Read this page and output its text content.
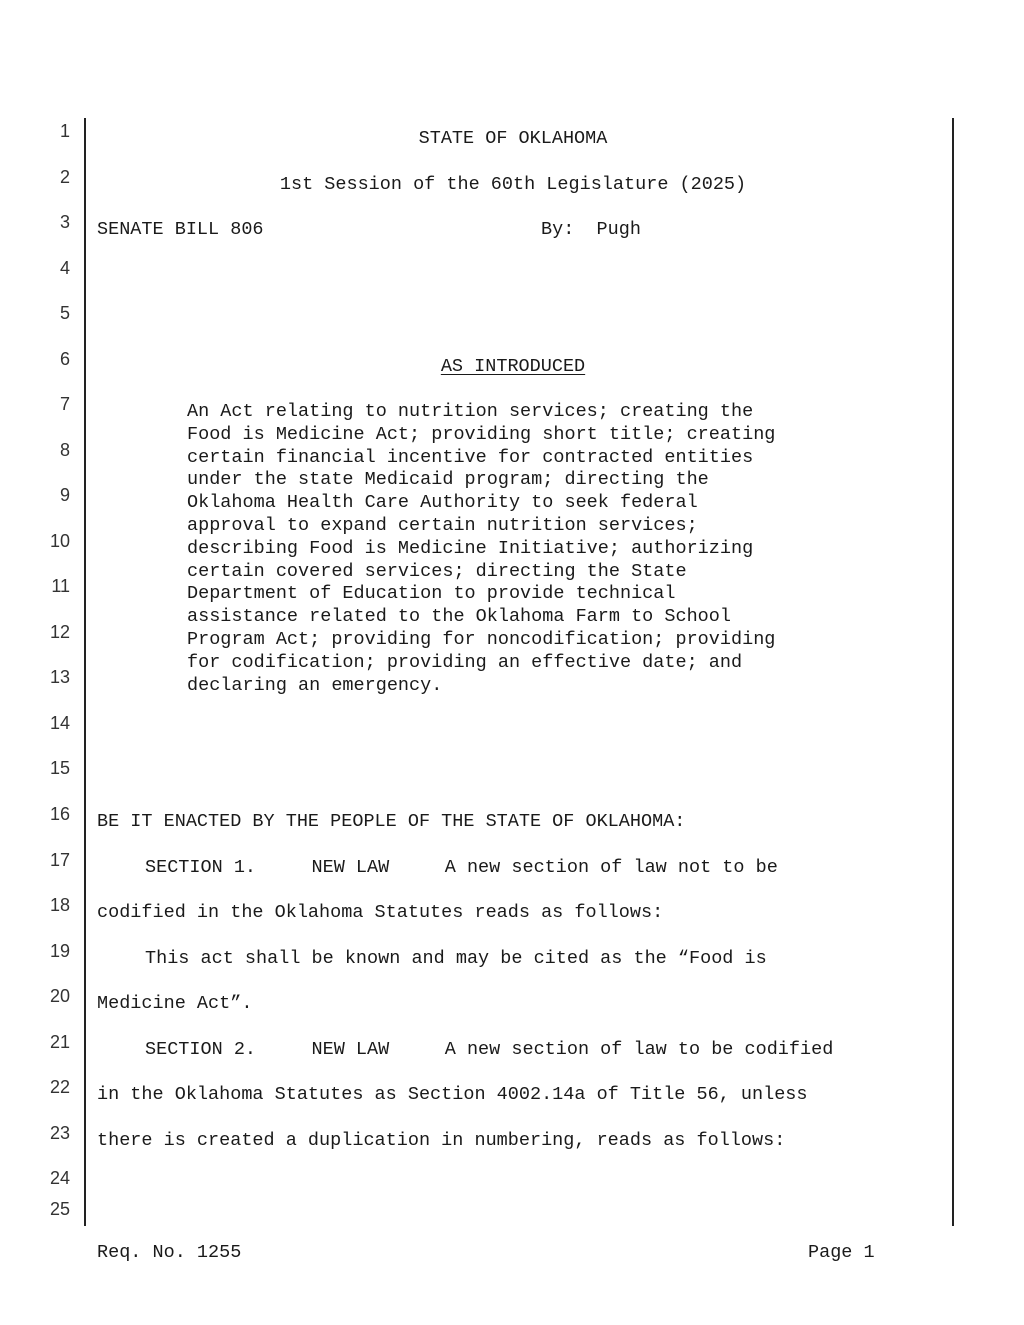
1
2
3
4
5
6
7
8
9
10
11
12
13
14
15
16
17
18
19
20
21
22
23
24
25
STATE OF OKLAHOMA
1st Session of the 60th Legislature (2025)
SENATE BILL 806	By:  Pugh
AS INTRODUCED
An Act relating to nutrition services; creating the
Food is Medicine Act; providing short title; creating
certain financial incentive for contracted entities
under the state Medicaid program; directing the
Oklahoma Health Care Authority to seek federal
approval to expand certain nutrition services;
describing Food is Medicine Initiative; authorizing
certain covered services; directing the State
Department of Education to provide technical
assistance related to the Oklahoma Farm to School
Program Act; providing for noncodification; providing
for codification; providing an effective date; and
declaring an emergency.
BE IT ENACTED BY THE PEOPLE OF THE STATE OF OKLAHOMA:
SECTION 1.     NEW LAW     A new section of law not to be
codified in the Oklahoma Statutes reads as follows:
This act shall be known and may be cited as the “Food is
Medicine Act”.
SECTION 2.     NEW LAW     A new section of law to be codified
in the Oklahoma Statutes as Section 4002.14a of Title 56, unless
there is created a duplication in numbering, reads as follows:
Req. No. 1255	Page 1
